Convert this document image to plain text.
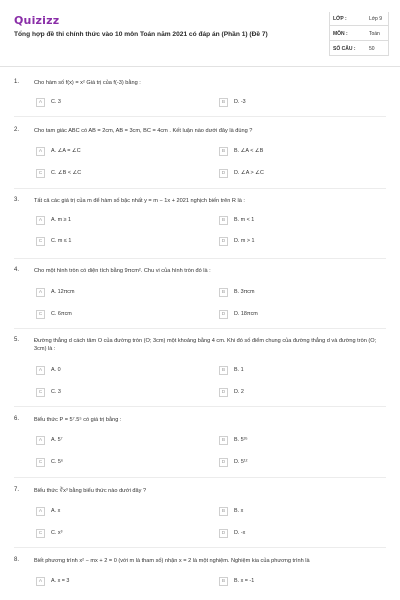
Quizizz
Tổng hợp đề thi chính thức vào 10 môn Toán năm 2021 có đáp án (Phần 1) (Đề 7)
LỚP :	Lớp 9
MÔN :	Toán
SỐ CÂU :	50
1.	Cho hàm số f(x) = x² Giá trị của f(-3) bằng :
A	C. 3	B	D. -3
2.	Cho tam giác ABC có AB = 2cm, AB = 3cm, BC = 4cm . Kết luận nào dưới đây là đúng ?
A	A. ∠A = ∠C	B	B. ∠A < ∠B
C	C. ∠B < ∠C	D	D. ∠A > ∠C
3.	Tất cả các giá trị của m để hàm số bậc nhất y = m − 1x + 2021 nghịch biến trên R là :
A	A. m ≥ 1	B	B. m < 1
C	C. m ≤ 1	D	D. m > 1
4.	Cho một hình tròn có diện tích bằng 9πcm². Chu vi của hình tròn đó là :
A	A. 12πcm	B	B. 3πcm
C	C. 6πcm	D	D. 18πcm
5.	Đường thẳng d cách tâm O của đường tròn (O; 3cm) một khoảng bằng 4 cm. Khi đó số điểm chung của đường thẳng d và đường tròn (O; 3cm) là :
A	A. 0	B	B. 1
C	C. 3	D	D. 2
6.	Biểu thức P = 5⁷.5⁵ có giá trị bằng :
A	A. 5⁷	B	B. 5³⁵
C	C. 5⁶	D	D. 5¹²
7.	Biểu thức ∛x³ bằng biểu thức nào dưới đây ?
A	A. x	B	B. x
C	C. x³	D	D. -x
8.	Biết phương trình x² − mx + 2 = 0 (với m là tham số) nhận x = 2 là một nghiệm. Nghiệm kia của phương trình là
A	A. x = 3	B	B. x = -1
